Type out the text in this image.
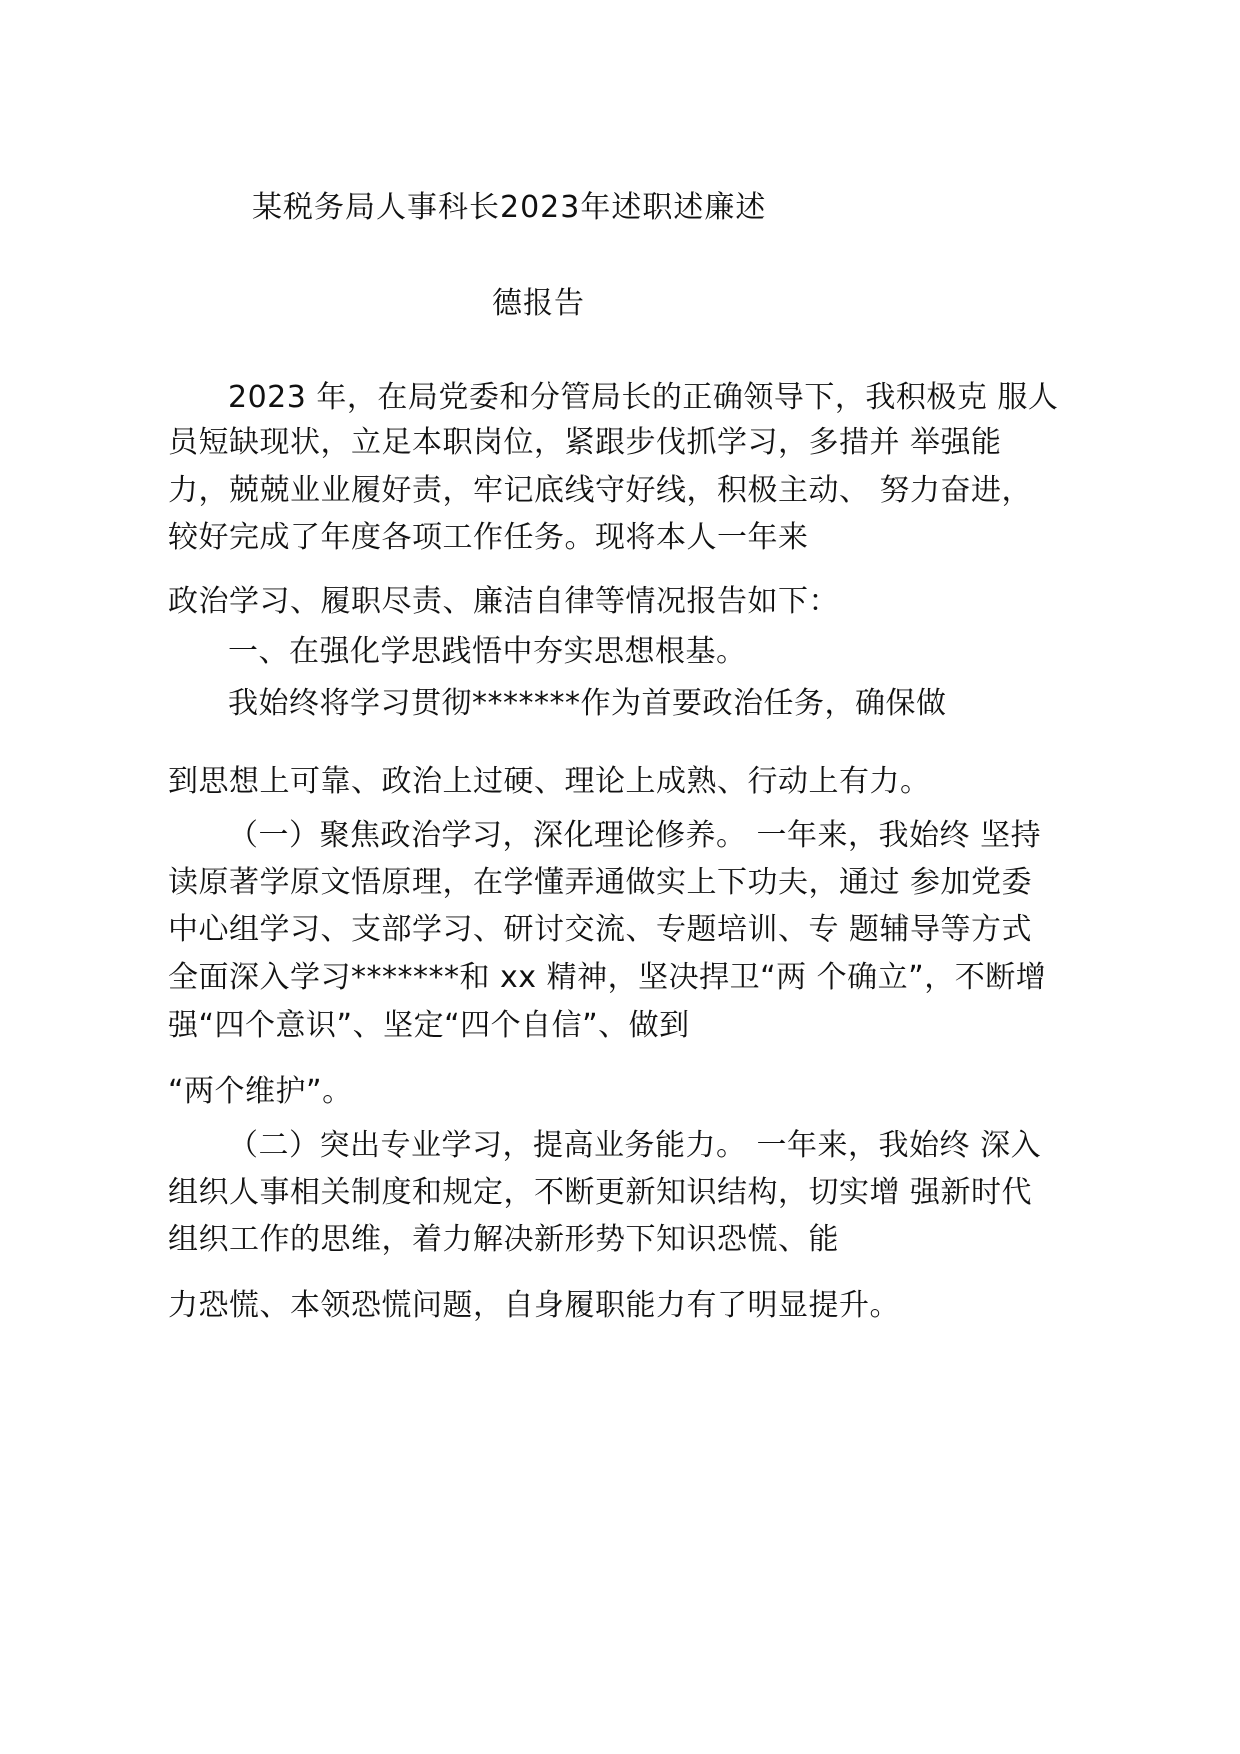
某税务局人事科长2023年述职述廉述
德报告
2023 年，在局党委和分管局长的正确领导下，我积极克 服人
员短缺现状，立足本职岗位，紧跟步伐抓学习，多措并 举强能
力，兢兢业业履好责，牢记底线守好线，积极主动、 努力奋进，
较好完成了年度各项工作任务。现将本人一年来
政治学习、履职尽责、廉洁自律等情况报告如下：
一、在强化学思践悟中夯实思想根基。
我始终将学习贯彻*******作为首要政治任务，确保做
到思想上可靠、政治上过硬、理论上成熟、行动上有力。
（一）聚焦政治学习，深化理论修养。 一年来，我始终 坚持
读原著学原文悟原理，在学懂弄通做实上下功夫，通过 参加党委
中心组学习、支部学习、研讨交流、专题培训、专 题辅导等方式
全面深入学习*******和 xx 精神，坚决捍卫“两 个确立”，不断增
强“四个意识”、坚定“四个自信”、做到
“两个维护”。
（二）突出专业学习，提高业务能力。 一年来，我始终 深入
组织人事相关制度和规定，不断更新知识结构，切实增 强新时代
组织工作的思维，着力解决新形势下知识恐慌、能
力恐慌、本领恐慌问题，自身履职能力有了明显提升。
